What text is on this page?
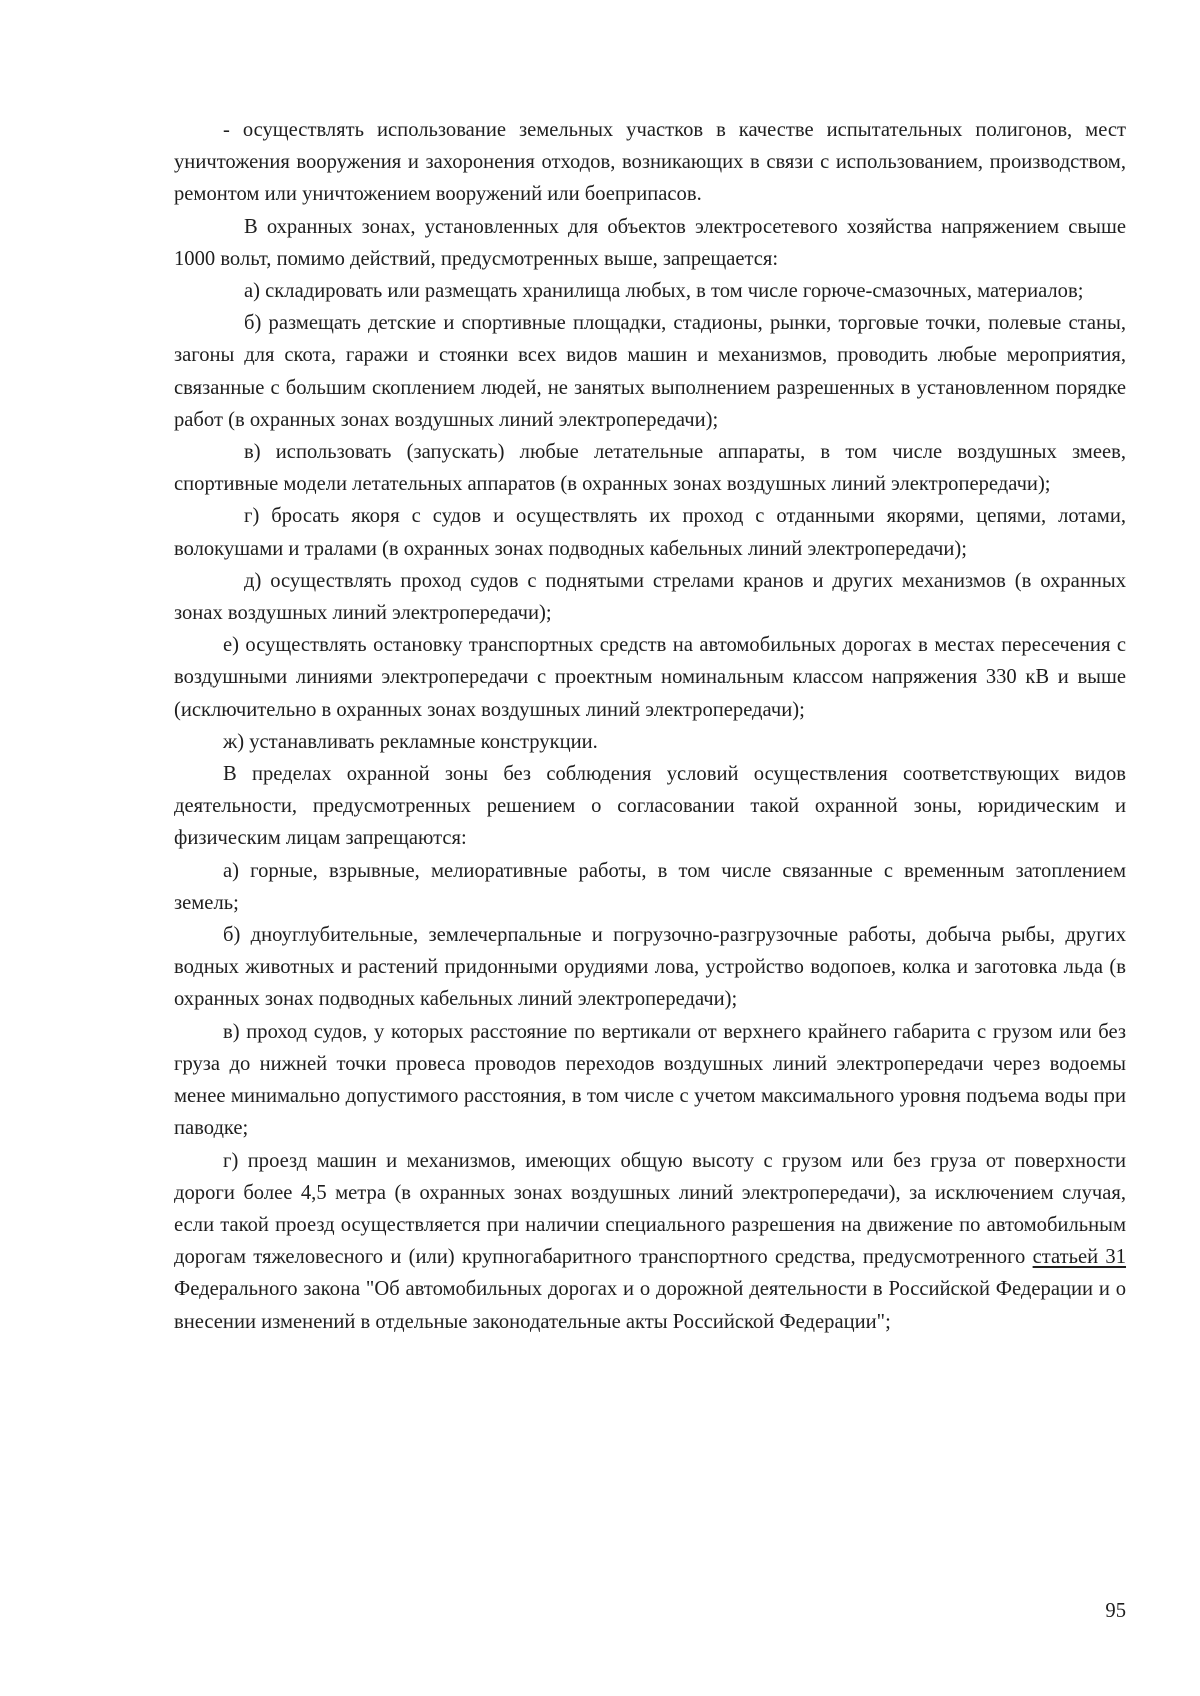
- осуществлять использование земельных участков в качестве испытательных полигонов, мест уничтожения вооружения и захоронения отходов, возникающих в связи с использованием, производством, ремонтом или уничтожением вооружений или боеприпасов.

В охранных зонах, установленных для объектов электросетевого хозяйства напряжением свыше 1000 вольт, помимо действий, предусмотренных выше, запрещается:

а) складировать или размещать хранилища любых, в том числе горюче-смазочных, материалов;

б) размещать детские и спортивные площадки, стадионы, рынки, торговые точки, полевые станы, загоны для скота, гаражи и стоянки всех видов машин и механизмов, проводить любые мероприятия, связанные с большим скоплением людей, не занятых выполнением разрешенных в установленном порядке работ (в охранных зонах воздушных линий электропередачи);

в) использовать (запускать) любые летательные аппараты, в том числе воздушных змеев, спортивные модели летательных аппаратов (в охранных зонах воздушных линий электропередачи);

г) бросать якоря с судов и осуществлять их проход с отданными якорями, цепями, лотами, волокушами и тралами (в охранных зонах подводных кабельных линий электропередачи);

д) осуществлять проход судов с поднятыми стрелами кранов и других механизмов (в охранных зонах воздушных линий электропередачи);

е) осуществлять остановку транспортных средств на автомобильных дорогах в местах пересечения с воздушными линиями электропередачи с проектным номинальным классом напряжения 330 кВ и выше (исключительно в охранных зонах воздушных линий электропередачи);

ж) устанавливать рекламные конструкции.

В пределах охранной зоны без соблюдения условий осуществления соответствующих видов деятельности, предусмотренных решением о согласовании такой охранной зоны, юридическим и физическим лицам запрещаются:

а) горные, взрывные, мелиоративные работы, в том числе связанные с временным затоплением земель;

б) дноуглубительные, землечерпальные и погрузочно-разгрузочные работы, добыча рыбы, других водных животных и растений придонными орудиями лова, устройство водопоев, колка и заготовка льда (в охранных зонах подводных кабельных линий электропередачи);

в) проход судов, у которых расстояние по вертикали от верхнего крайнего габарита с грузом или без груза до нижней точки провеса проводов переходов воздушных линий электропередачи через водоемы менее минимально допустимого расстояния, в том числе с учетом максимального уровня подъема воды при паводке;

г) проезд машин и механизмов, имеющих общую высоту с грузом или без груза от поверхности дороги более 4,5 метра (в охранных зонах воздушных линий электропередачи), за исключением случая, если такой проезд осуществляется при наличии специального разрешения на движение по автомобильным дорогам тяжеловесного и (или) крупногабаритного транспортного средства, предусмотренного статьей 31 Федерального закона "Об автомобильных дорогах и о дорожной деятельности в Российской Федерации и о внесении изменений в отдельные законодательные акты Российской Федерации";

95
